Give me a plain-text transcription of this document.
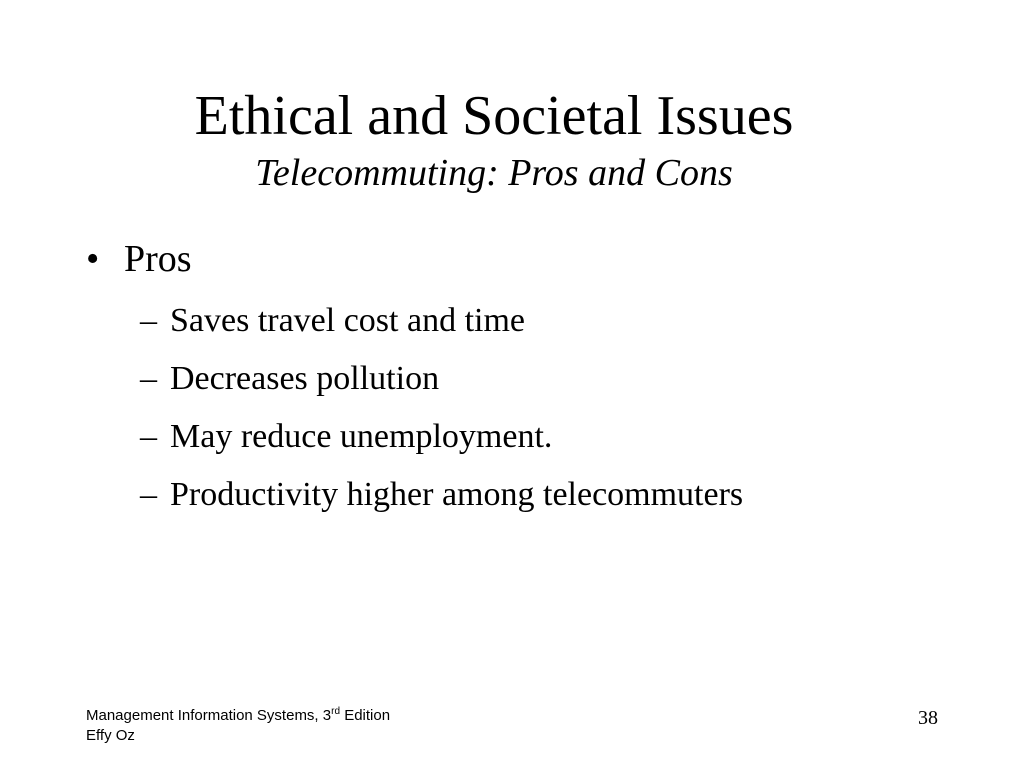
Ethical and Societal Issues
Telecommuting: Pros and Cons
• Pros
– Saves travel cost and time
– Decreases pollution
– May reduce unemployment.
– Productivity higher among telecommuters
Management Information Systems, 3rd Edition
Effy Oz
38
